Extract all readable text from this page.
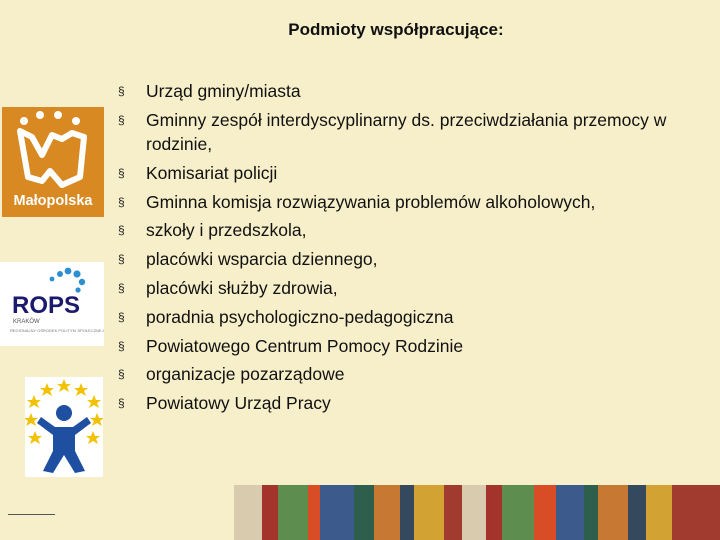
Podmioty współpracujące:
Małopolska
ROPS
KRAKÓW
REGIONALNY OŚRODEK POLITYKI SPOŁECZNEJ
§ Urząd gminy/miasta
§ Gminny zespół interdyscyplinarny ds. przeciwdziałania przemocy w rodzinie,
§ Komisariat policji
§ Gminna komisja rozwiązywania problemów alkoholowych,
§ szkoły i przedszkola,
§ placówki wsparcia dziennego,
§ placówki służby zdrowia,
§ poradnia psychologiczno-pedagogiczna
§ Powiatowego Centrum Pomocy Rodzinie
§ organizacje pozarządowe
§ Powiatowy Urząd Pracy
